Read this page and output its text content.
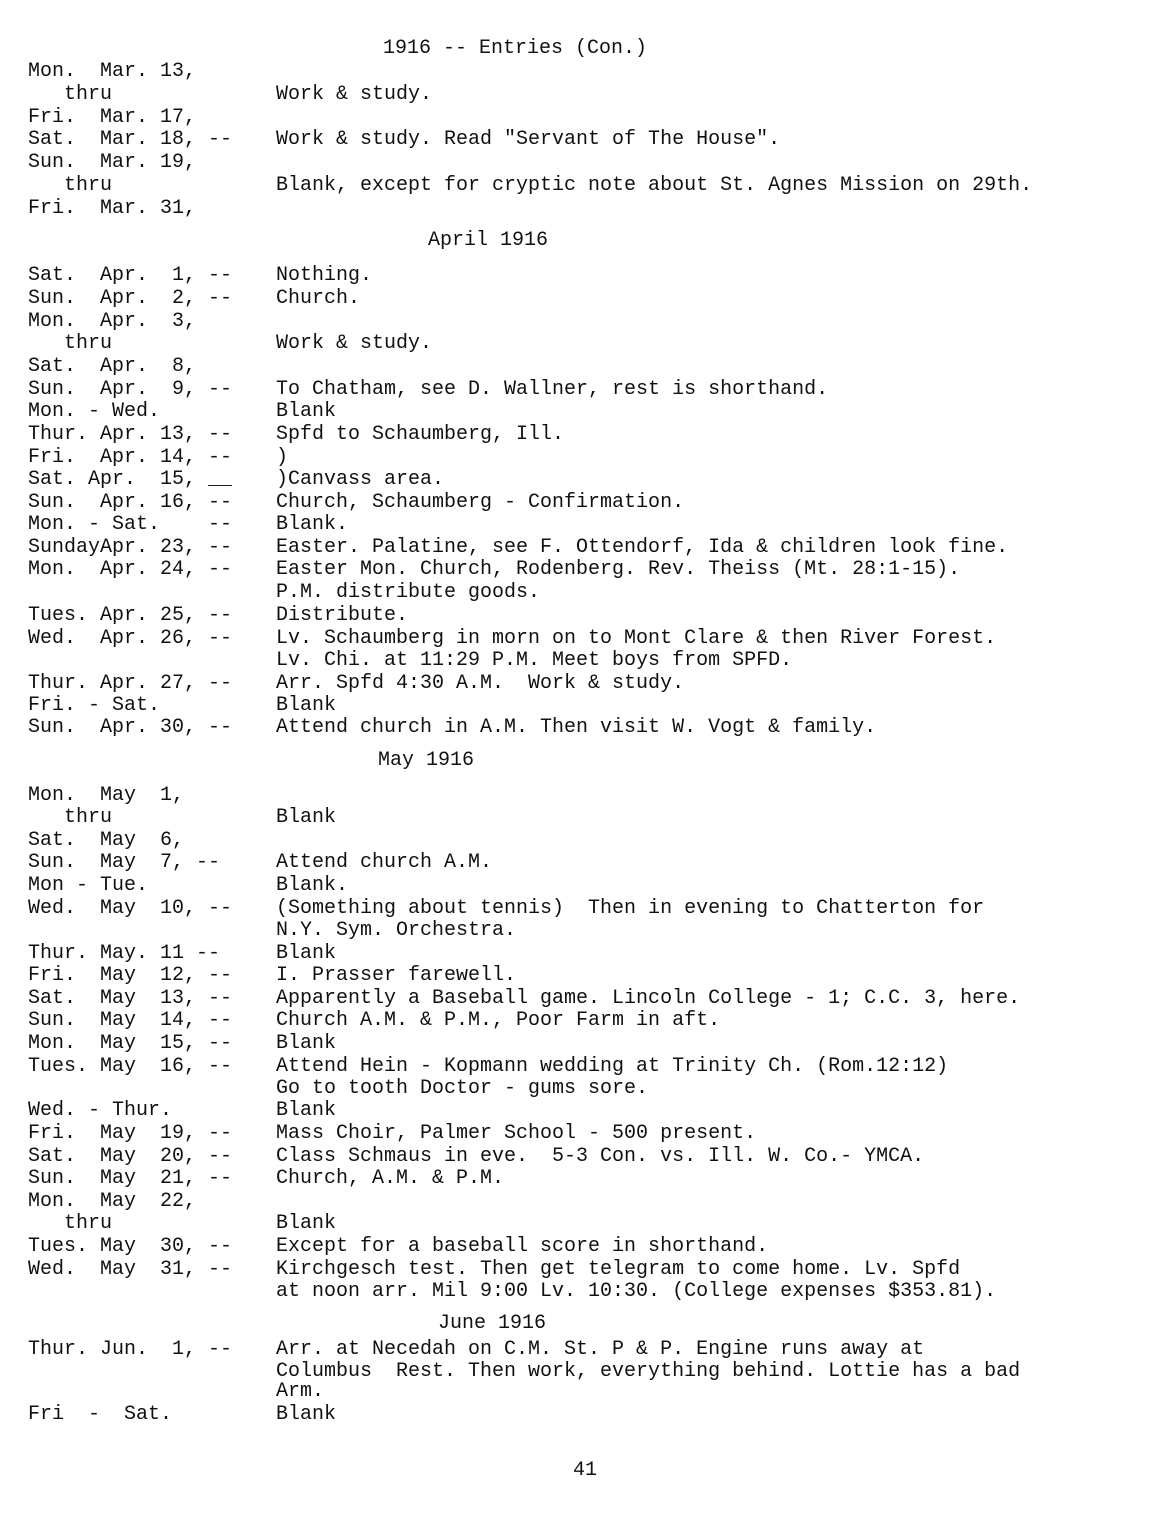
1916 -- Entries (Con.)
Mon.  Mar. 13,
thru	Work & study.
Fri.  Mar. 17,
Sat.  Mar. 18, -- Work & study. Read "Servant of The House".
Sun.  Mar. 19,
thru	Blank, except for cryptic note about St. Agnes Mission on 29th.
Fri.  Mar. 31,
April 1916
Sat.  Apr.  1, -- Nothing.
Sun.  Apr.  2, -- Church.
Mon.  Apr.  3,
thru	Work & study.
Sat.  Apr.  8,
Sun.  Apr.  9, -- To Chatham, see D. Wallner, rest is shorthand.
Mon. - Wed.	Blank
Thur. Apr. 13, -- Spfd to Schaumberg, Ill.
Fri.  Apr. 14, -- )
Sat. Apr.  15, __ )Canvass area.
Sun.  Apr. 16, -- Church, Schaumberg - Confirmation.
Mon. - Sat.    -- Blank.
SundayApr. 23, -- Easter. Palatine, see F. Ottendorf, Ida & children look fine.
Mon.  Apr. 24, -- Easter Mon. Church, Rodenberg. Rev. Theiss (Mt. 28:1-15).
P.M. distribute goods.
Tues. Apr. 25, -- Distribute.
Wed.  Apr. 26, -- Lv. Schaumberg in morn on to Mont Clare & then River Forest.
Lv. Chi. at 11:29 P.M. Meet boys from SPFD.
Thur. Apr. 27, -- Arr. Spfd 4:30 A.M.  Work & study.
Fri. - Sat.	Blank
Sun.  Apr. 30, -- Attend church in A.M. Then visit W. Vogt & family.
May 1916
Mon.  May  1,
thru	Blank
Sat.  May  6,
Sun.  May  7, --	Attend church A.M.
Mon - Tue.	Blank.
Wed.  May  10, -- (Something about tennis)  Then in evening to Chatterton for
N.Y. Sym. Orchestra.
Thur. May. 11 --	Blank
Fri.  May  12, -- I. Prasser farewell.
Sat.  May  13, -- Apparently a Baseball game. Lincoln College - 1; C.C. 3, here.
Sun.  May  14, -- Church A.M. & P.M., Poor Farm in aft.
Mon.  May  15, -- Blank
Tues. May  16, -- Attend Hein - Kopmann wedding at Trinity Ch. (Rom.12:12)
Go to tooth Doctor - gums sore.
Wed. - Thur.	Blank
Fri.  May  19, -- Mass Choir, Palmer School - 500 present.
Sat.  May  20, -- Class Schmaus in eve.  5-3 Con. vs. Ill. W. Co.- YMCA.
Sun.  May  21, -- Church, A.M. & P.M.
Mon.  May  22,
thru	Blank
Tues. May  30, -- Except for a baseball score in shorthand.
Wed.  May  31, -- Kirchgesch test. Then get telegram to come home. Lv. Spfd
at noon arr. Mil 9:00 Lv. 10:30. (College expenses $353.81).
June 1916
Thur. Jun.  1, -- Arr. at Necedah on C.M. St. P & P. Engine runs away at
Columbus  Rest. Then work, everything behind. Lottie has a bad
Arm.
Fri  -  Sat.	Blank
41
